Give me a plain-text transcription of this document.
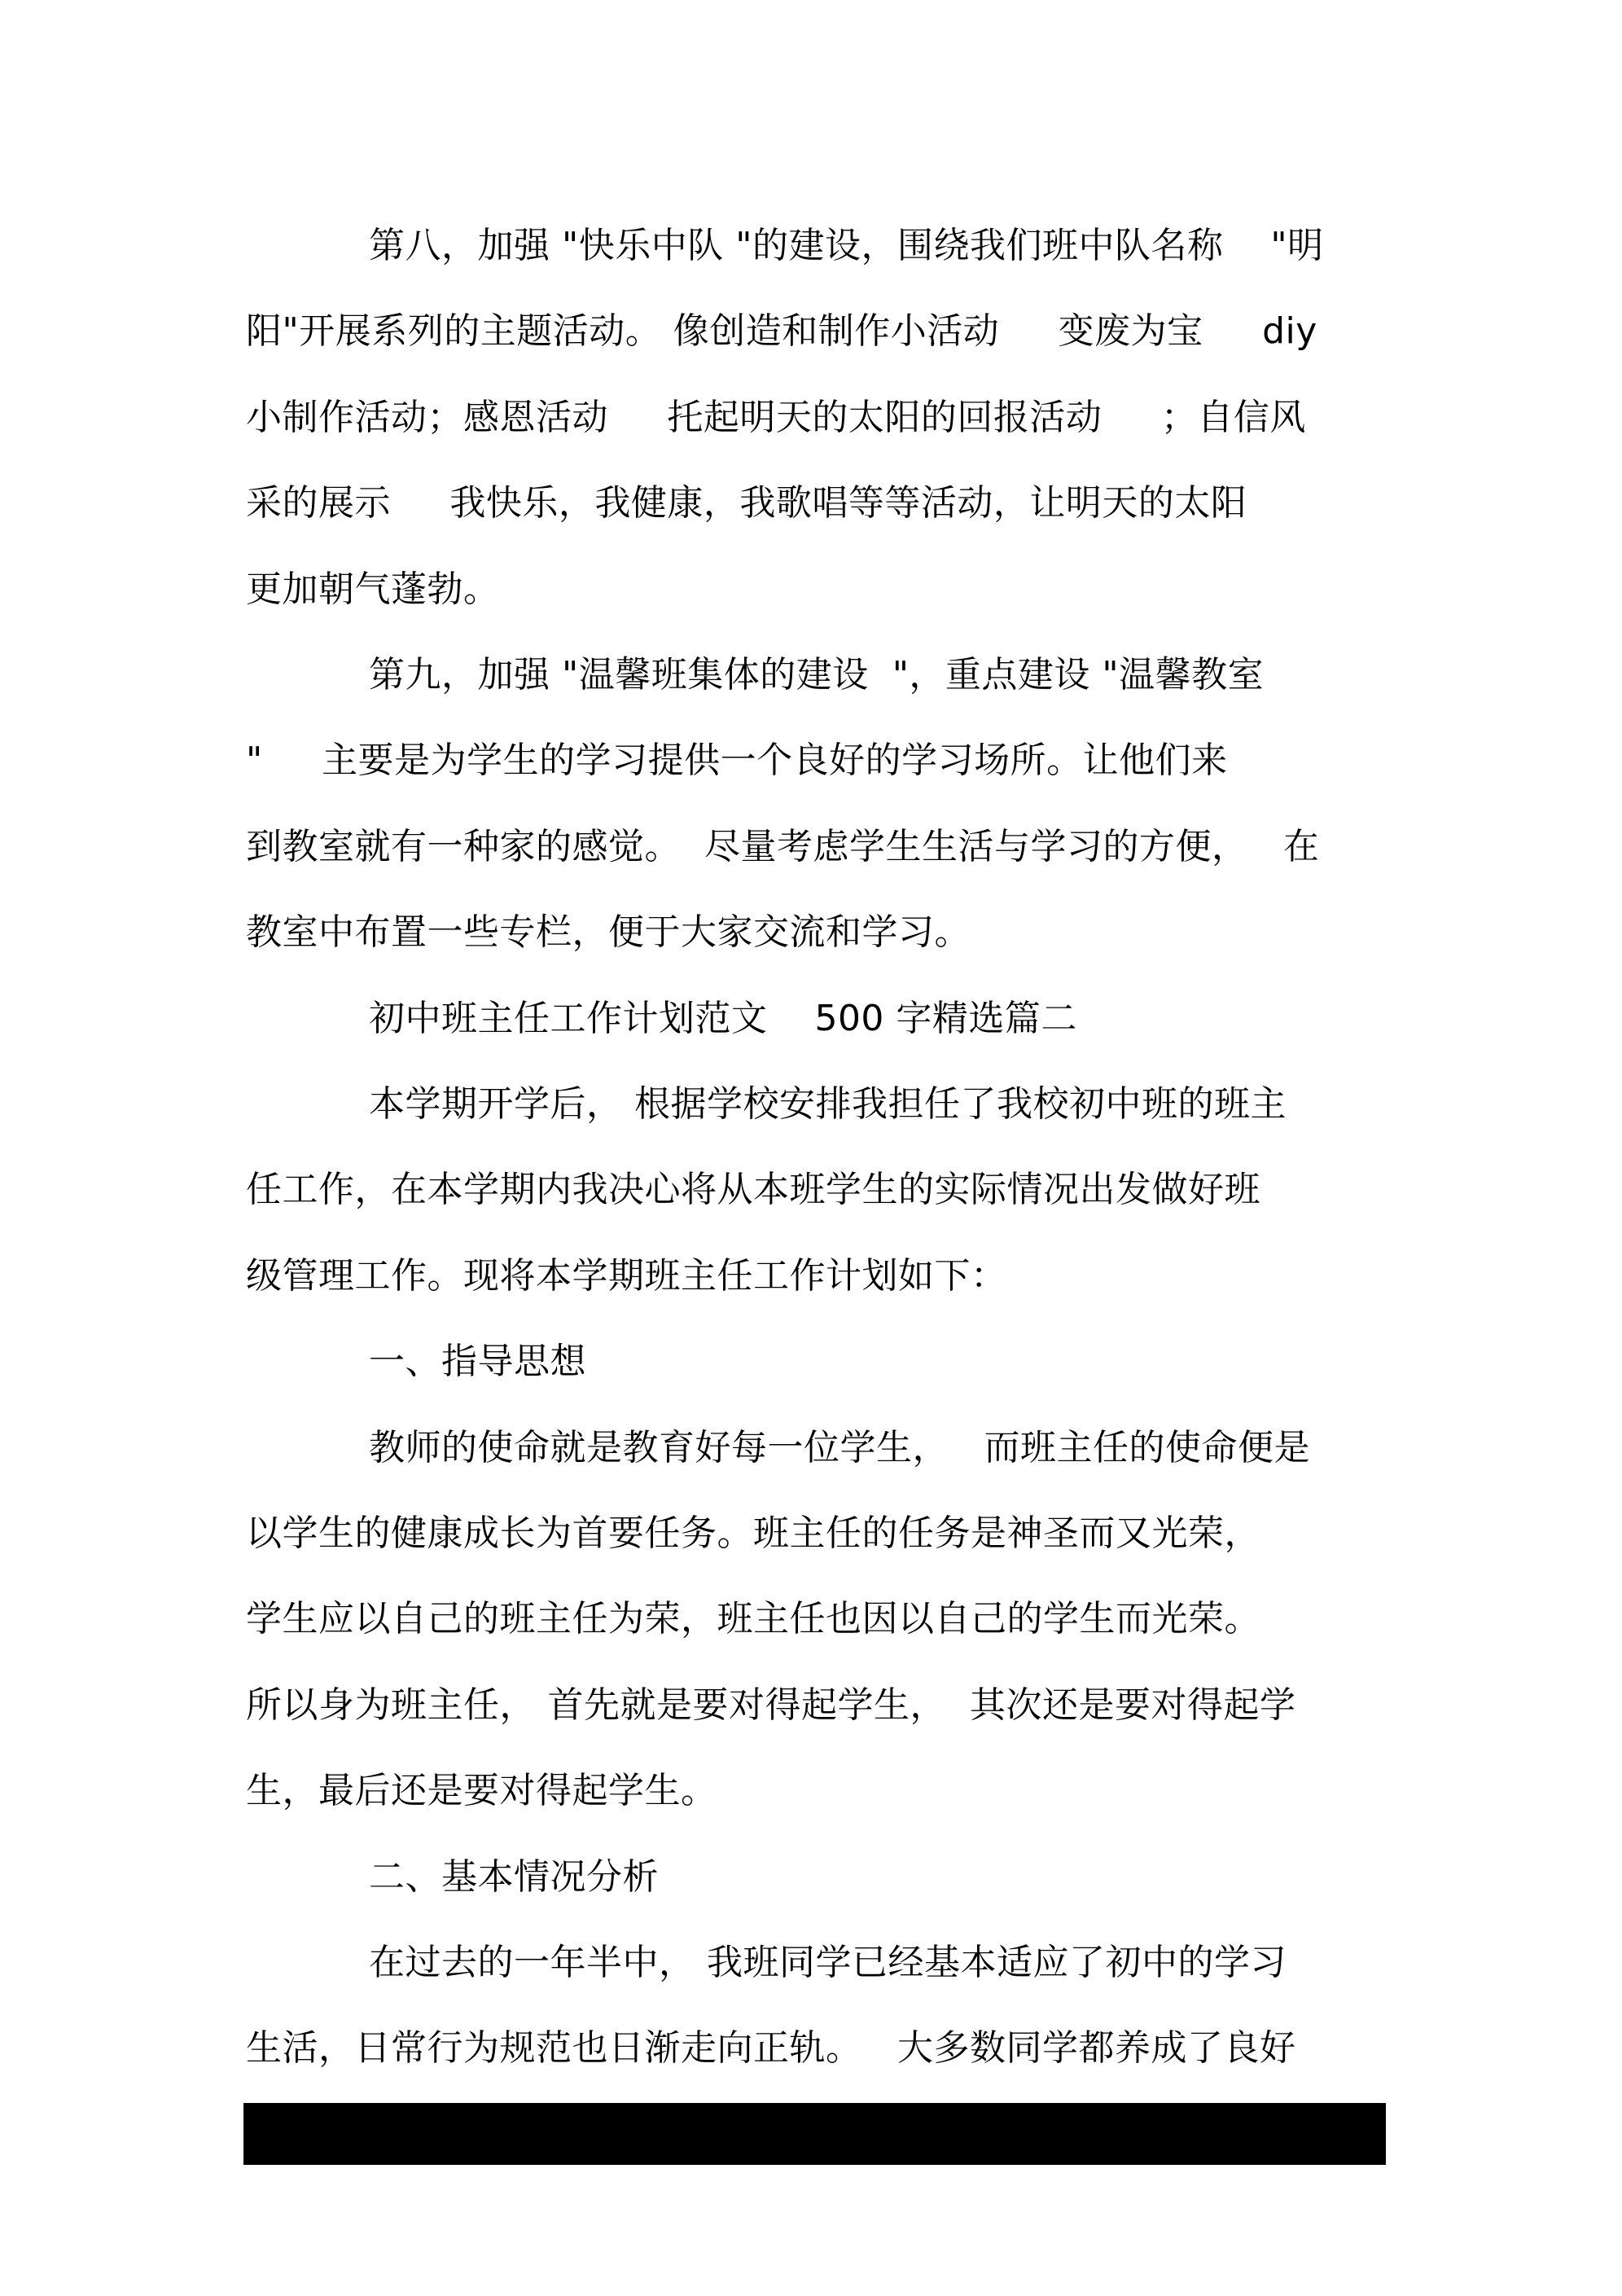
第八，加强 "快乐中队 "的建设，围绕我们班中队名称    "明
阳"开展系列的主题活动。 像创造和制作小活动     变废为宝     diy
小制作活动；感恩活动     托起明天的太阳的回报活动     ；自信风
采的展示     我快乐，我健康，我歌唱等等活动，让明天的太阳
更加朝气蓬勃。
第九，加强 "温馨班集体的建设  "，重点建设 "温馨教室
"     主要是为学生的学习提供一个良好的学习场所。让他们来
到教室就有一种家的感觉。  尽量考虑学生生活与学习的方便，   在
教室中布置一些专栏，便于大家交流和学习。
初中班主任工作计划范文    500 字精选篇二
本学期开学后， 根据学校安排我担任了我校初中班的班主
任工作，在本学期内我决心将从本班学生的实际情况出发做好班
级管理工作。现将本学期班主任工作计划如下：
一、指导思想
教师的使命就是教育好每一位学生，   而班主任的使命便是
以学生的健康成长为首要任务。班主任的任务是神圣而又光荣，
学生应以自己的班主任为荣，班主任也因以自己的学生而光荣。
所以身为班主任， 首先就是要对得起学生，  其次还是要对得起学
生，最后还是要对得起学生。
二、基本情况分析
在过去的一年半中， 我班同学已经基本适应了初中的学习
生活，日常行为规范也日渐走向正轨。   大多数同学都养成了良好
